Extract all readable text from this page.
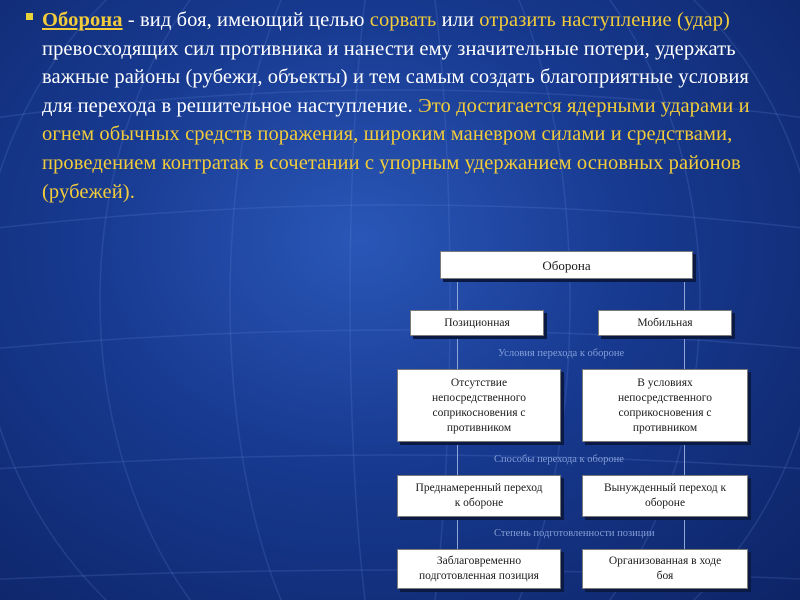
Оборона - вид боя, имеющий целью сорвать или отразить наступление (удар) превосходящих сил противника и нанести ему значительные потери, удержать важные районы (рубежи, объекты) и тем самым создать благоприятные условия для перехода в решительное наступление. Это достигается ядерными ударами и огнем обычных средств поражения, широким маневром силами и средствами, проведением контратак в сочетании с упорным удержанием основных районов (рубежей).
Условия перехода к обороне
Способы перехода к обороне
Степень подготовленности позиции
Оборона
Позиционная	Мобильная
Отсутствие непосредственного соприкосновения с противником
В условиях непосредственного соприкосновения с противником
Преднамеренный переход к обороне
Вынужденный переход к обороне
Заблаговременно подготовленная позиция
Организованная в ходе боя
